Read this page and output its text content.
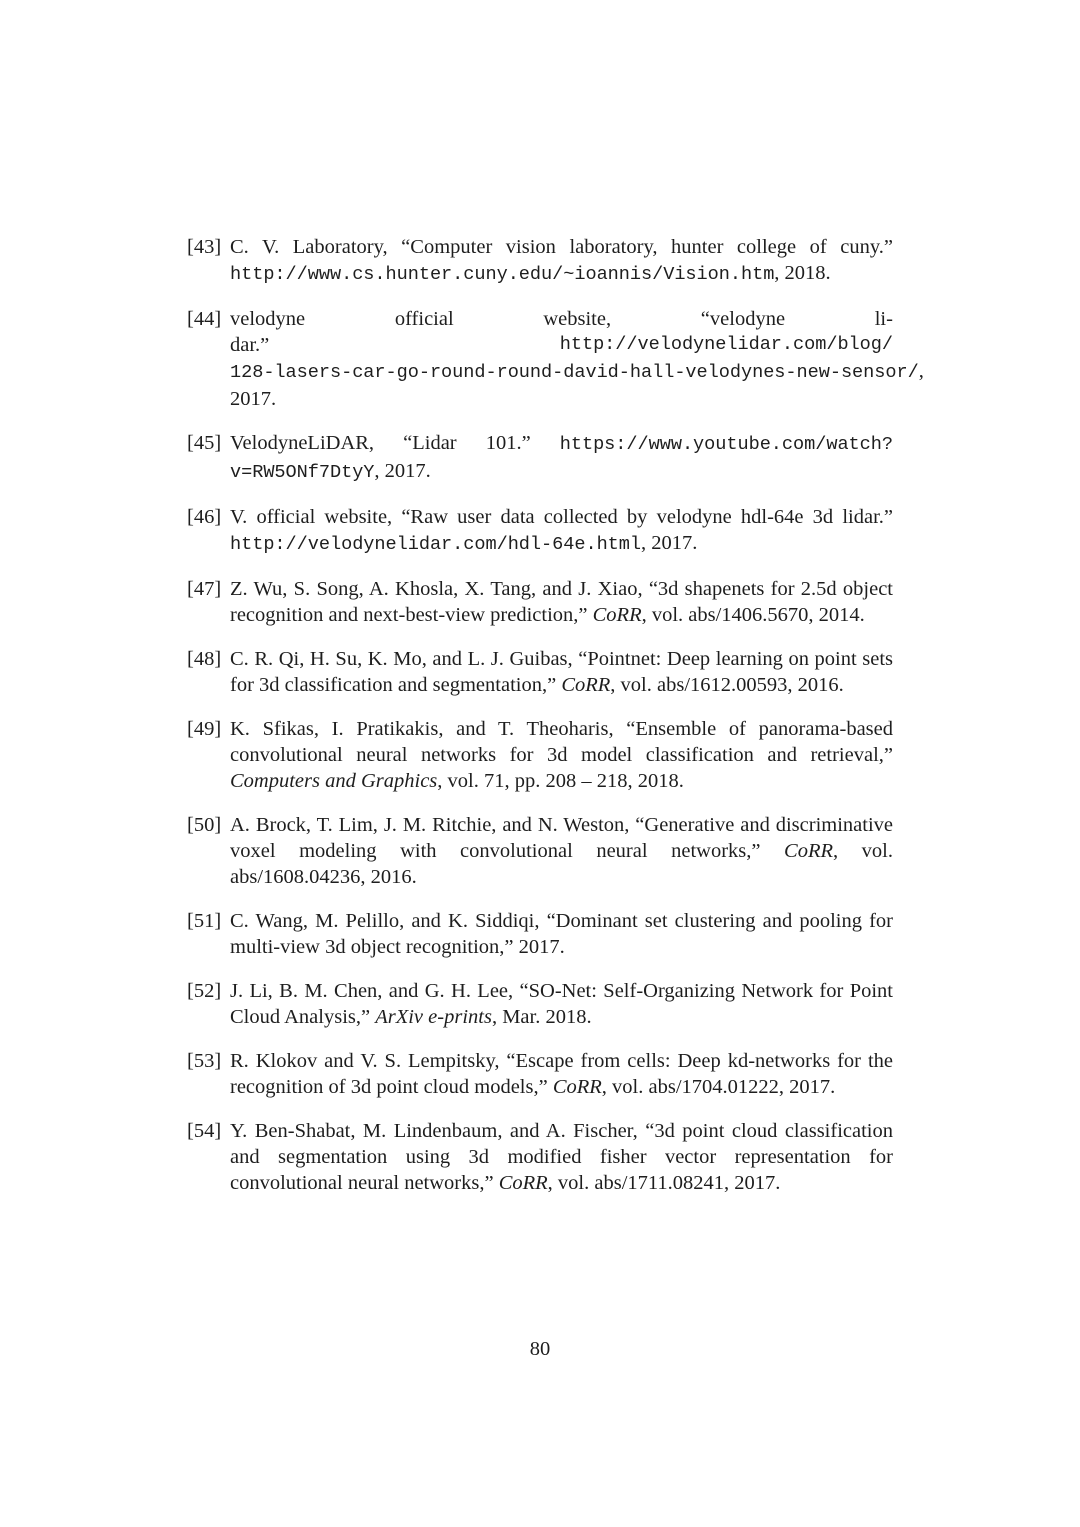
[43] C. V. Laboratory, “Computer vision laboratory, hunter college of cuny.” http://www.cs.hunter.cuny.edu/~ioannis/Vision.htm, 2018.
[44] velodyne	official	website,	“velodyne	li-
dar.”	http://velodynelidar.com/blog/
128-lasers-car-go-round-round-david-hall-velodynes-new-sensor/,
2017.
[45] VelodyneLiDAR, “Lidar 101.” https://www.youtube.com/watch?v=RW5ONf7DtyY, 2017.
[46] V. official website, “Raw user data collected by velodyne hdl-64e 3d lidar.” http://velodynelidar.com/hdl-64e.html, 2017.
[47] Z. Wu, S. Song, A. Khosla, X. Tang, and J. Xiao, “3d shapenets for 2.5d object recognition and next-best-view prediction,” CoRR, vol. abs/1406.5670, 2014.
[48] C. R. Qi, H. Su, K. Mo, and L. J. Guibas, “Pointnet: Deep learning on point sets for 3d classification and segmentation,” CoRR, vol. abs/1612.00593, 2016.
[49] K. Sfikas, I. Pratikakis, and T. Theoharis, “Ensemble of panorama-based convolutional neural networks for 3d model classification and retrieval,” Computers and Graphics, vol. 71, pp. 208 – 218, 2018.
[50] A. Brock, T. Lim, J. M. Ritchie, and N. Weston, “Generative and discriminative voxel modeling with convolutional neural networks,” CoRR, vol. abs/1608.04236, 2016.
[51] C. Wang, M. Pelillo, and K. Siddiqi, “Dominant set clustering and pooling for multi-view 3d object recognition,” 2017.
[52] J. Li, B. M. Chen, and G. H. Lee, “SO-Net: Self-Organizing Network for Point Cloud Analysis,” ArXiv e-prints, Mar. 2018.
[53] R. Klokov and V. S. Lempitsky, “Escape from cells: Deep kd-networks for the recognition of 3d point cloud models,” CoRR, vol. abs/1704.01222, 2017.
[54] Y. Ben-Shabat, M. Lindenbaum, and A. Fischer, “3d point cloud classification and segmentation using 3d modified fisher vector representation for convolutional neural networks,” CoRR, vol. abs/1711.08241, 2017.
80
